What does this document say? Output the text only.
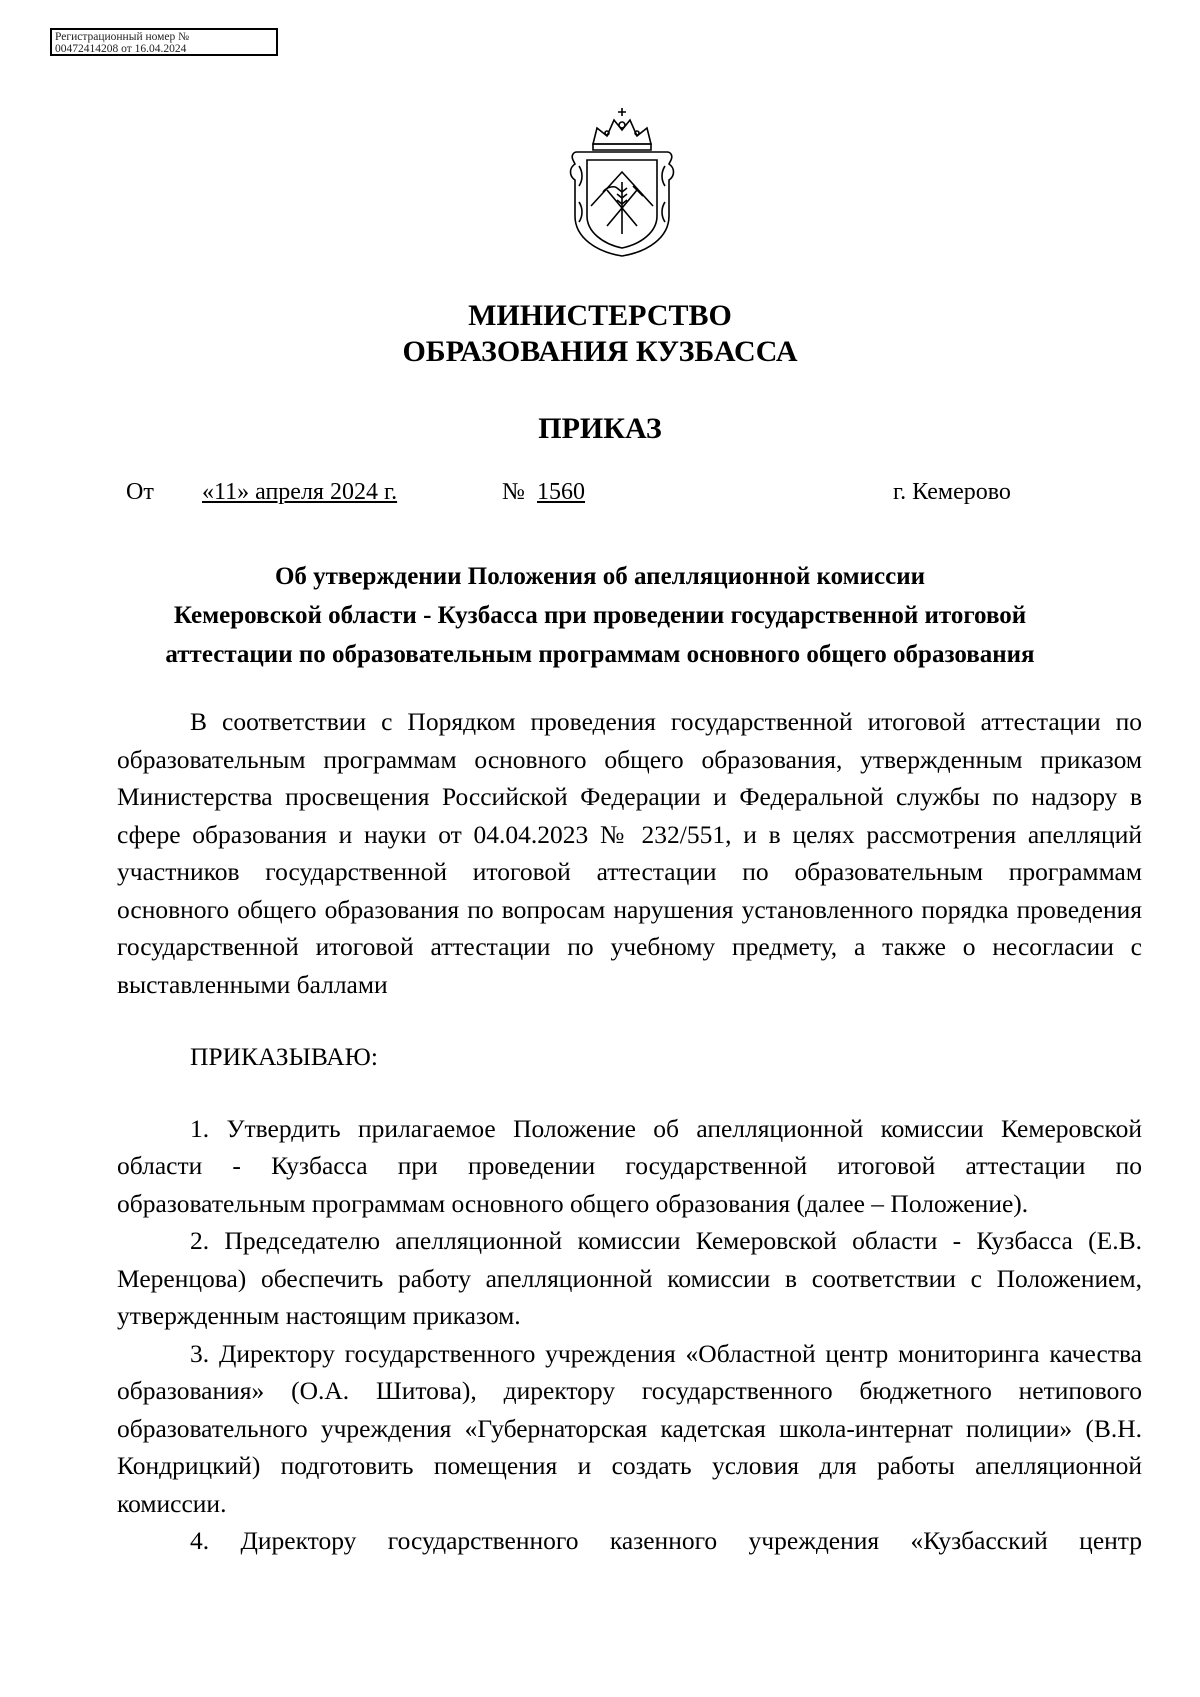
Регистрационный номер №
00472414208 от 16.04.2024
МИНИСТЕРСТВО
ОБРАЗОВАНИЯ КУЗБАССА
ПРИКАЗ
От «11» апреля 2024 г.	№ 1560	г. Кемерово
Об утверждении Положения об апелляционной комиссии
Кемеровской области - Кузбасса при проведении государственной итоговой
аттестации по образовательным программам основного общего образования

В соответствии с Порядком проведения государственной итоговой аттестации по образовательным программам основного общего образования, утвержденным приказом Министерства просвещения Российской Федерации и Федеральной службы по надзору в сфере образования и науки от 04.04.2023 № 232/551, и в целях рассмотрения апелляций участников государственной итоговой аттестации по образовательным программам основного общего образования по вопросам нарушения установленного порядка проведения государственной итоговой аттестации по учебному предмету, а также о несогласии с выставленными баллами

ПРИКАЗЫВАЮ:

1. Утвердить прилагаемое Положение об апелляционной комиссии Кемеровской области - Кузбасса при проведении государственной итоговой аттестации по образовательным программам основного общего образования (далее – Положение).

2. Председателю апелляционной комиссии Кемеровской области - Кузбасса (Е.В. Меренцова) обеспечить работу апелляционной комиссии в соответствии с Положением, утвержденным настоящим приказом.

3. Директору государственного учреждения «Областной центр мониторинга качества образования» (О.А. Шитова), директору государственного бюджетного нетипового образовательного учреждения «Губернаторская кадетская школа-интернат полиции» (В.Н. Кондрицкий) подготовить помещения и создать условия для работы апелляционной комиссии.

4. Директору государственного казенного учреждения «Кузбасский центр
